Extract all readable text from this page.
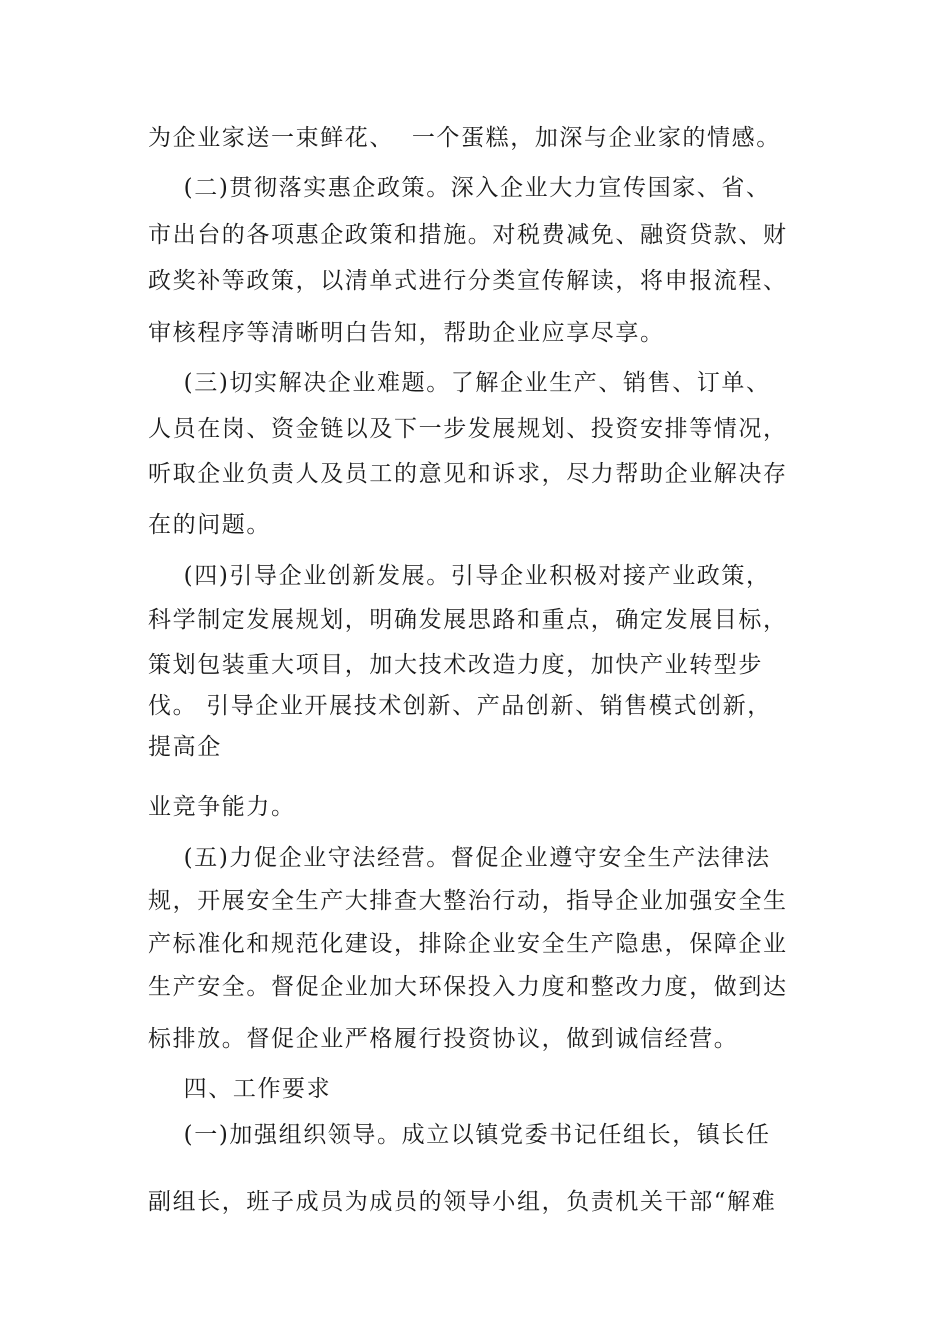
为企业家送一束鲜花、  一个蛋糕，加深与企业家的情感。
(二)贯彻落实惠企政策。深入企业大力宣传国家、省、
市出台的各项惠企政策和措施。对税费减免、融资贷款、财
政奖补等政策，以清单式进行分类宣传解读，将申报流程、
审核程序等清晰明白告知，帮助企业应享尽享。
(三)切实解决企业难题。了解企业生产、销售、订单、
人员在岗、资金链以及下一步发展规划、投资安排等情况，
听取企业负责人及员工的意见和诉求，尽力帮助企业解决存
在的问题。
(四)引导企业创新发展。引导企业积极对接产业政策，
科学制定发展规划，明确发展思路和重点，确定发展目标，
策划包装重大项目，加大技术改造力度，加快产业转型步
伐。 引导企业开展技术创新、产品创新、销售模式创新，
提高企
业竞争能力。
(五)力促企业守法经营。督促企业遵守安全生产法律法
规，开展安全生产大排查大整治行动，指导企业加强安全生
产标准化和规范化建设，排除企业安全生产隐患，保障企业
生产安全。督促企业加大环保投入力度和整改力度，做到达
标排放。督促企业严格履行投资协议，做到诚信经营。
四、工作要求
(一)加强组织领导。成立以镇党委书记任组长，镇长任
副组长，班子成员为成员的领导小组，负责机关干部“解难
